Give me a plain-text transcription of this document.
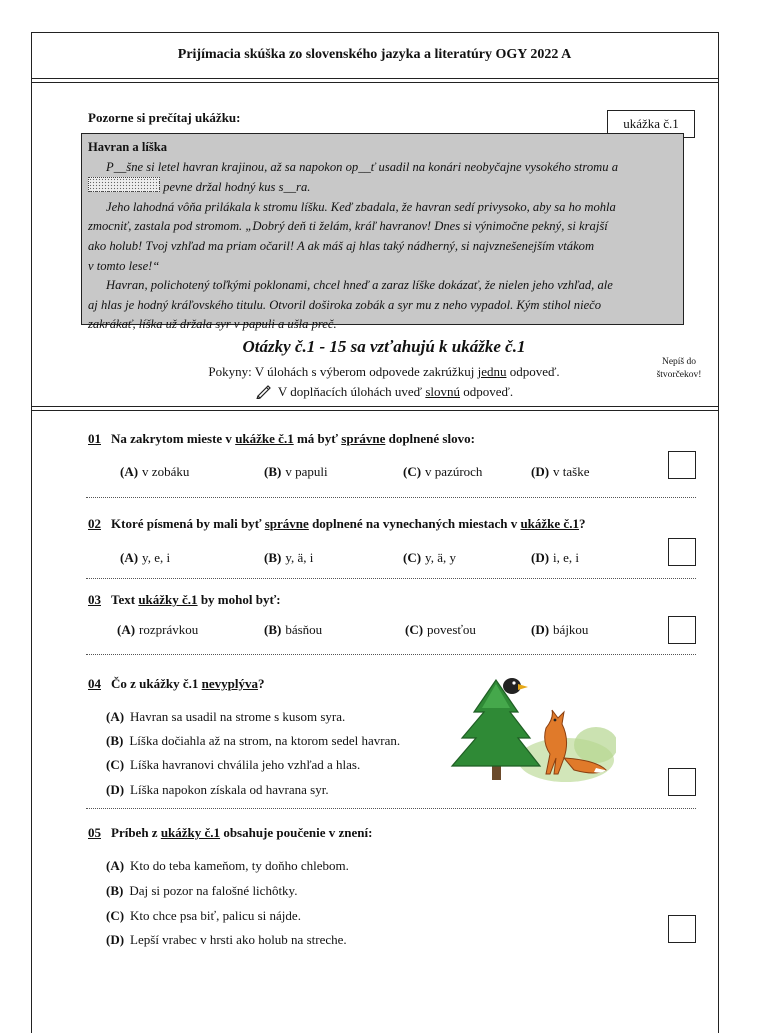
Prijímacia skúška zo slovenského jazyka a literatúry OGY 2022 A
Pozorne si prečítaj ukážku:	ukážka č.1
Havran a líška

P__šne si letel havran krajinou, až sa napokon op__ť usadil na konári neobyčajne vysokého stromu a

pevne držal hodný kus s__ra.

Jeho lahodná vôňa prilákala k stromu líšku. Keď zbadala, že havran sedí privysoko, aby sa ho mohla

zmocniť, zastala pod stromom. „Dobrý deň ti želám, kráľ havranov! Dnes si výnimočne pekný, si krajší

ako holub! Tvoj vzhľad ma priam očaril! A ak máš aj hlas taký nádherný, si najvznešenejším vtákom

v tomto lese!“

Havran, polichotený toľkými poklonami, chcel hneď a zaraz líške dokázať, že nielen jeho vzhľad, ale

aj hlas je hodný kráľovského titulu. Otvoril doširoka zobák a syr mu z neho vypadol. Kým stihol niečo

zakrákať, líška už držala syr v papuli a ušla preč.

Otázky č.1 - 15 sa vzťahujú k ukážke č.1
Pokyny: V úlohách s výberom odpovede zakrúžkuj jednu odpoveď.
V doplňacích úlohách uveď slovnú odpoveď.
Nepíš do
štvorčekov!
01 Na zakrytom mieste v ukážke č.1 má byť správne doplnené slovo:
(A) v zobáku	(B) v papuli	(C) v pazúroch	(D) v taške
02 Ktoré písmená by mali byť správne doplnené na vynechaných miestach v ukážke č.1?
(A) y, e, i	(B) y, ä, i	(C) y, ä, y	(D) i, e, i
03 Text ukážky č.1 by mohol byť:
(A) rozprávkou	(B) básňou	(C) povesťou	(D) bájkou
04 Čo z ukážky č.1 nevyplýva?
(A) Havran sa usadil na strome s kusom syra.
(B) Líška dočiahla až na strom, na ktorom sedel havran.
(C) Líška havranovi chválila jeho vzhľad a hlas.
(D) Líška napokon získala od havrana syr.
05 Príbeh z ukážky č.1 obsahuje poučenie v znení:
(A) Kto do teba kameňom, ty doňho chlebom.
(B) Daj si pozor na falošné lichôtky.
(C) Kto chce psa biť, palicu si nájde.
(D) Lepší vrabec v hrsti ako holub na streche.
